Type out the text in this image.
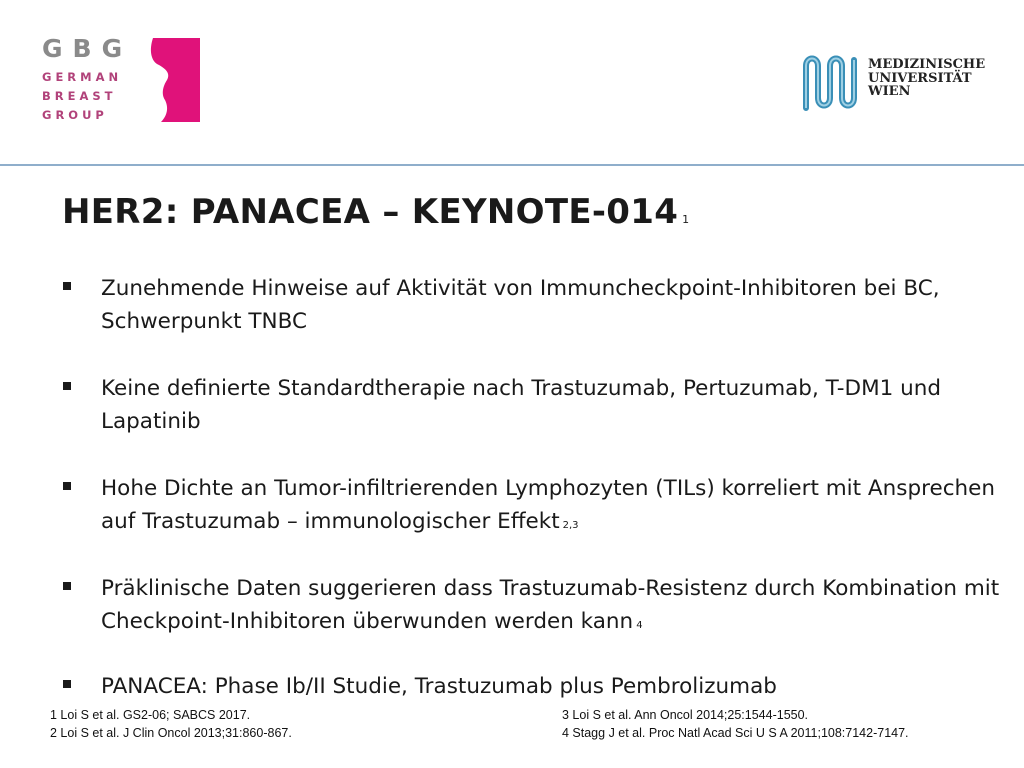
GBG
GERMAN
BREAST
GROUP
MEDIZINISCHE
UNIVERSITÄT
WIEN
HER2: PANACEA – KEYNOTE-014 1
Zunehmende Hinweise auf Aktivität von Immuncheckpoint-Inhibitoren bei BC, Schwerpunkt TNBC
Keine definierte Standardtherapie nach Trastuzumab, Pertuzumab, T-DM1 und Lapatinib
Hohe Dichte an Tumor-infiltrierenden Lymphozyten (TILs) korreliert mit Ansprechen auf Trastuzumab – immunologischer Effekt 2,3
Präklinische Daten suggerieren dass Trastuzumab-Resistenz durch Kombination mit Checkpoint-Inhibitoren überwunden werden kann 4
PANACEA: Phase Ib/II Studie, Trastuzumab plus Pembrolizumab
1 Loi S et al. GS2-06; SABCS 2017.
2 Loi S et al. J Clin Oncol 2013;31:860-867.
3 Loi S et al. Ann Oncol 2014;25:1544-1550.
4 Stagg J et al. Proc Natl Acad Sci U S A 2011;108:7142-7147.
